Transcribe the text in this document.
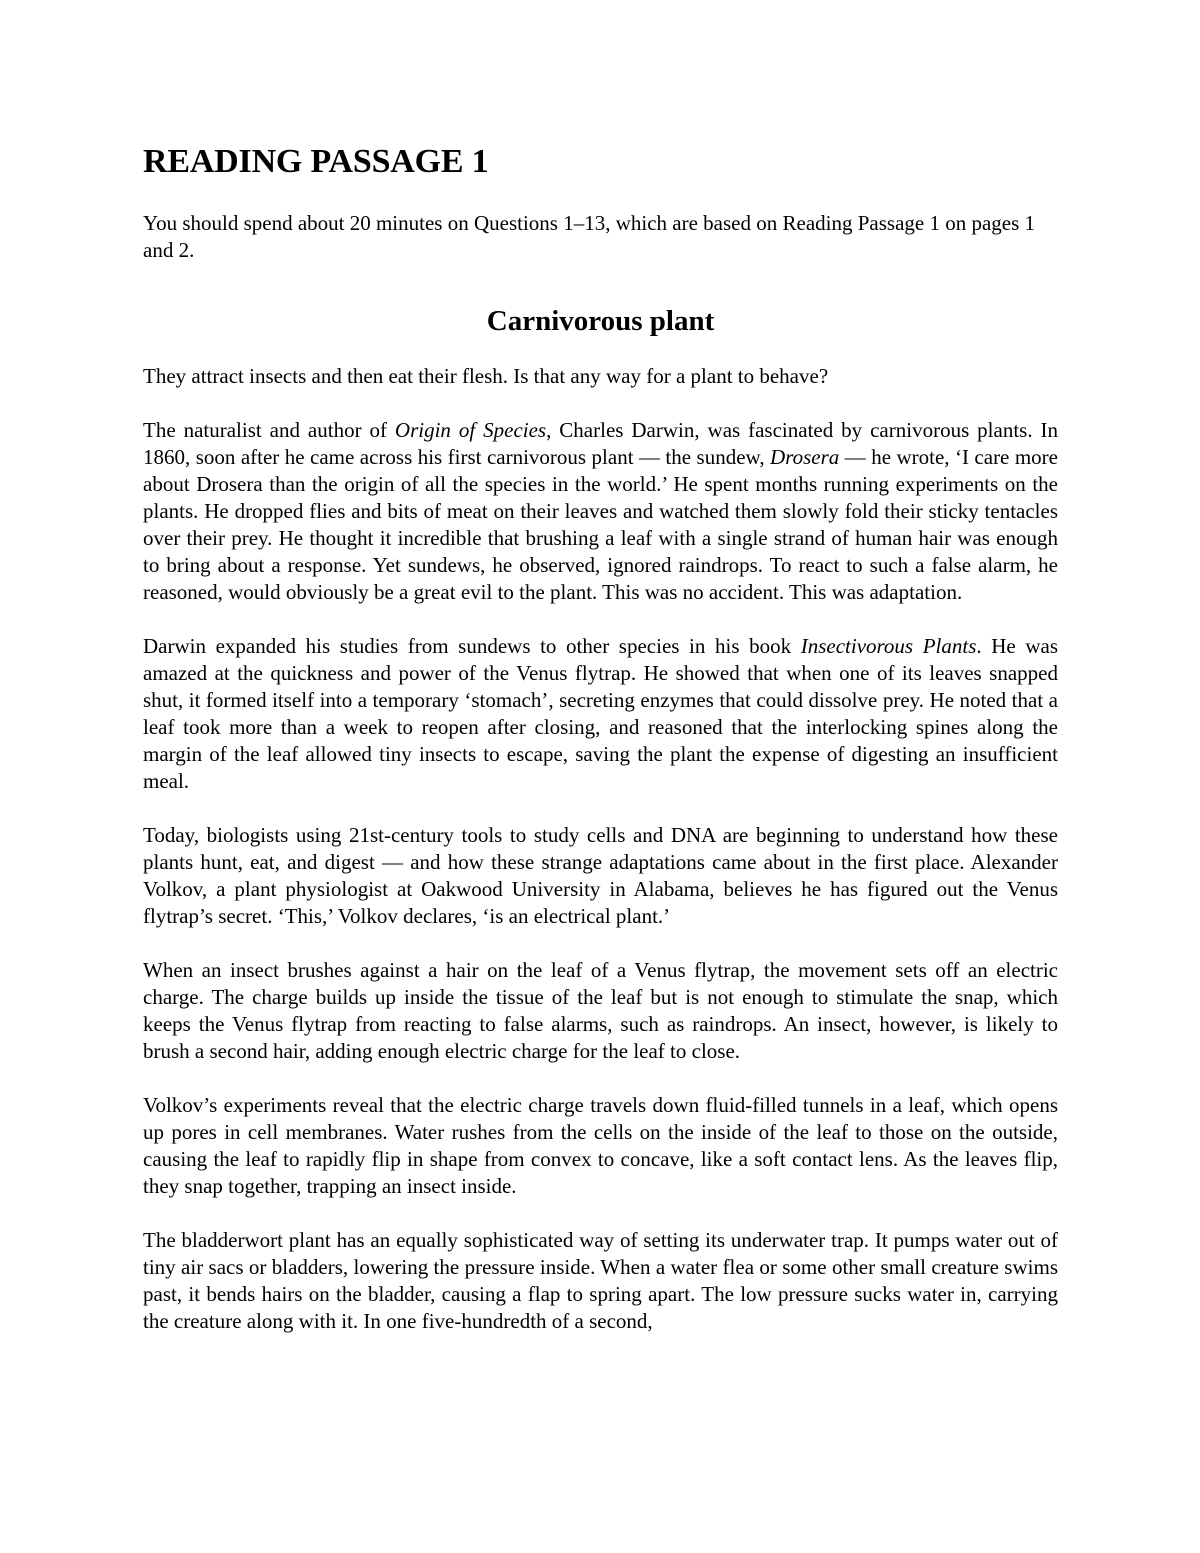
READING PASSAGE 1

You should spend about 20 minutes on Questions 1–13, which are based on Reading Passage 1 on pages 1 and 2.

Carnivorous plant

They attract insects and then eat their flesh. Is that any way for a plant to behave?

The naturalist and author of Origin of Species, Charles Darwin, was fascinated by carnivorous plants. In 1860, soon after he came across his first carnivorous plant — the sundew, Drosera — he wrote, ‘I care more about Drosera than the origin of all the species in the world.’ He spent months running experiments on the plants. He dropped flies and bits of meat on their leaves and watched them slowly fold their sticky tentacles over their prey. He thought it incredible that brushing a leaf with a single strand of human hair was enough to bring about a response. Yet sundews, he observed, ignored raindrops. To react to such a false alarm, he reasoned, would obviously be a great evil to the plant. This was no accident. This was adaptation.

Darwin expanded his studies from sundews to other species in his book Insectivorous Plants. He was amazed at the quickness and power of the Venus flytrap. He showed that when one of its leaves snapped shut, it formed itself into a temporary ‘stomach’, secreting enzymes that could dissolve prey. He noted that a leaf took more than a week to reopen after closing, and reasoned that the interlocking spines along the margin of the leaf allowed tiny insects to escape, saving the plant the expense of digesting an insufficient meal.

Today, biologists using 21st-century tools to study cells and DNA are beginning to understand how these plants hunt, eat, and digest — and how these strange adaptations came about in the first place. Alexander Volkov, a plant physiologist at Oakwood University in Alabama, believes he has figured out the Venus flytrap’s secret. ‘This,’ Volkov declares, ‘is an electrical plant.’

When an insect brushes against a hair on the leaf of a Venus flytrap, the movement sets off an electric charge. The charge builds up inside the tissue of the leaf but is not enough to stimulate the snap, which keeps the Venus flytrap from reacting to false alarms, such as raindrops. An insect, however, is likely to brush a second hair, adding enough electric charge for the leaf to close.

Volkov’s experiments reveal that the electric charge travels down fluid-filled tunnels in a leaf, which opens up pores in cell membranes. Water rushes from the cells on the inside of the leaf to those on the outside, causing the leaf to rapidly flip in shape from convex to concave, like a soft contact lens. As the leaves flip, they snap together, trapping an insect inside.

The bladderwort plant has an equally sophisticated way of setting its underwater trap. It pumps water out of tiny air sacs or bladders, lowering the pressure inside. When a water flea or some other small creature swims past, it bends hairs on the bladder, causing a flap to spring apart. The low pressure sucks water in, carrying the creature along with it. In one five-hundredth of a second,
